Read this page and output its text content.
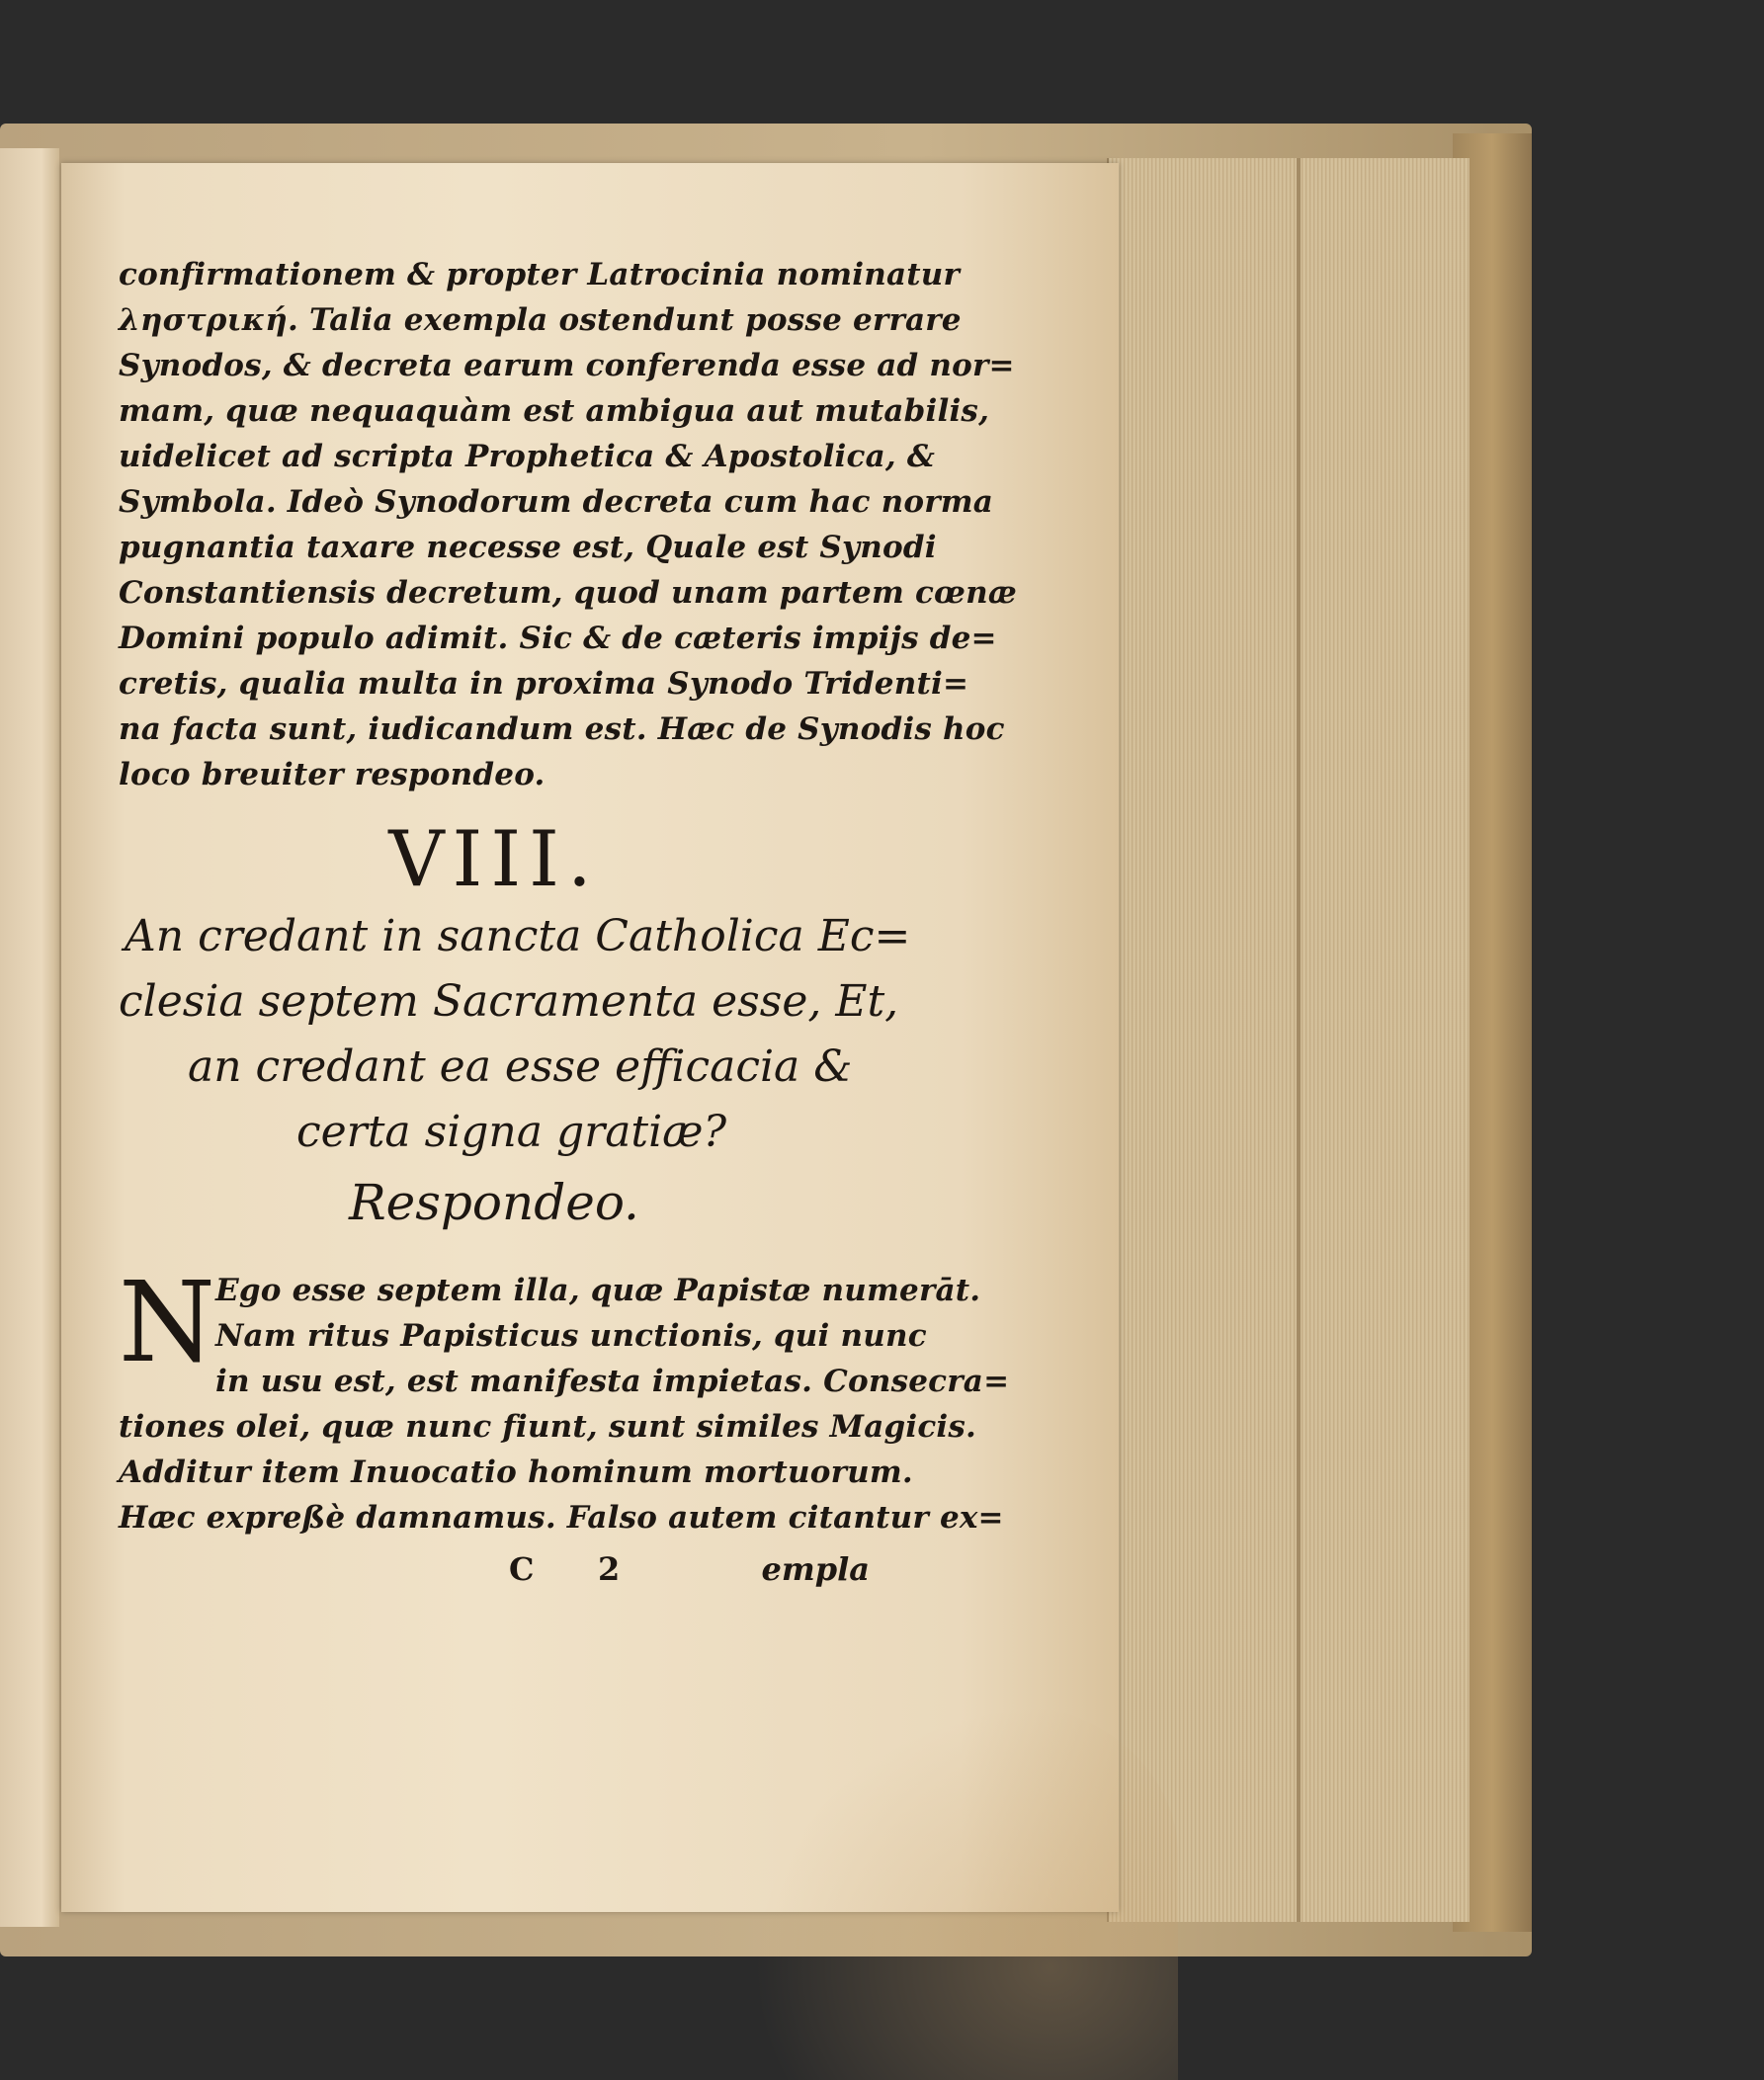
confirmationem & propter Latrocinia nominatur
ληστρική. Talia exempla ostendunt posse errare
Synodos, & decreta earum conferenda esse ad nor=
mam, quæ nequaquàm est ambigua aut mutabilis,
uidelicet ad scripta Prophetica & Apostolica, &
Symbola. Ideò Synodorum decreta cum hac norma
pugnantia taxare necesse est, Quale est Synodi
Constantiensis decretum, quod unam partem cœnæ
Domini populo adimit. Sic & de cæteris impijs de=
cretis, qualia multa in proxima Synodo Tridenti=
na facta sunt, iudicandum est. Hæc de Synodis hoc
loco breuiter respondeo.
VIII.
An credant in sancta Catholica Ec=
clesia septem Sacramenta esse, Et,
an credant ea esse efficacia &
certa signa gratiæ?
Respondeo.
N Ego esse septem illa, quæ Papistæ numerāt.
Nam ritus Papisticus unctionis, qui nunc
in usu est, est manifesta impietas. Consecra=
tiones olei, quæ nunc fiunt, sunt similes Magicis.
Additur item Inuocatio hominum mortuorum.
Hæc expreßè damnamus. Falso autem citantur ex=
C 2	empla
